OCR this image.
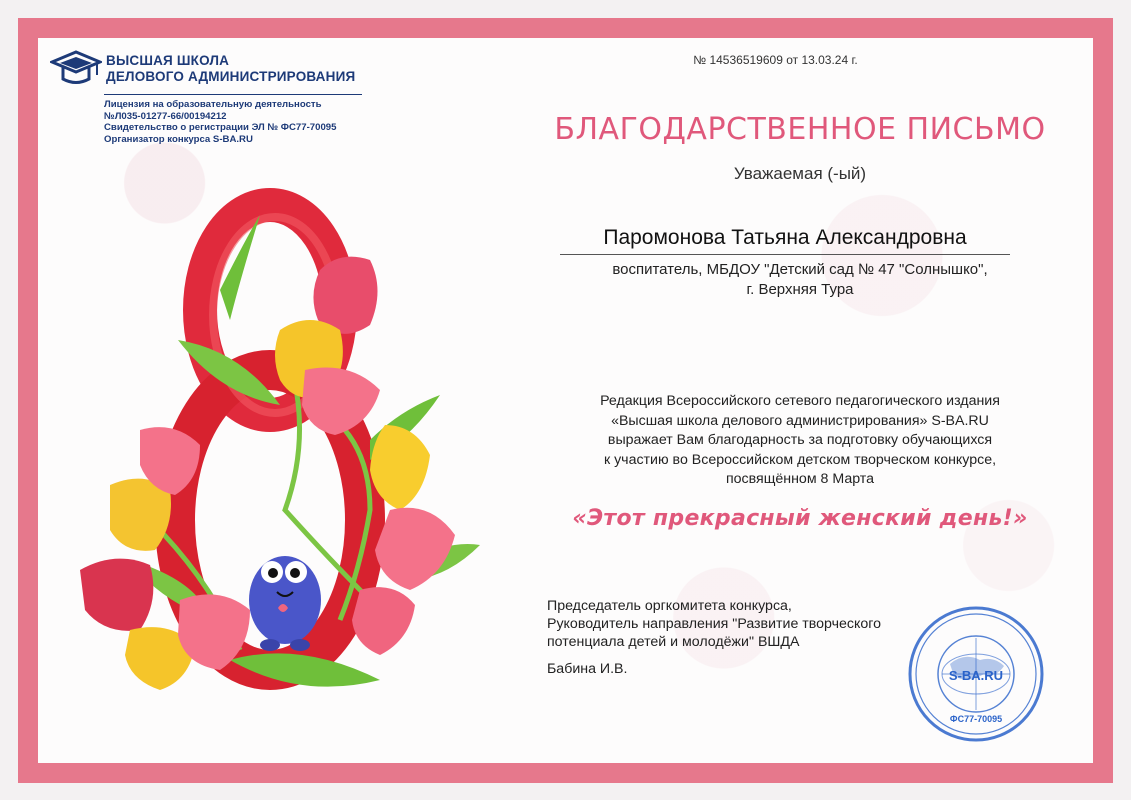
ВЫСШАЯ ШКОЛА
ДЕЛОВОГО АДМИНИСТРИРОВАНИЯ
Лицензия на образовательную деятельность
№Л035-01277-66/00194212
Свидетельство о регистрации ЭЛ № ФС77-70095
Организатор конкурса S-BA.RU
№ 14536519609 от 13.03.24 г.
БЛАГОДАРСТВЕННОЕ ПИСЬМО
Уважаемая (-ый)
Паромонова Татьяна Александровна
воспитатель, МБДОУ "Детский сад № 47 "Солнышко",
г. Верхняя Тура
Редакция Всероссийского сетевого педагогического издания
«Высшая школа делового администрирования» S-BA.RU
выражает Вам благодарность за подготовку обучающихся
к участию во Всероссийском детском творческом конкурсе,
посвящённом 8 Марта
«Этот прекрасный женский день!»
Председатель оргкомитета конкурса,
Руководитель направления "Развитие творческого
потенциала детей и молодёжи" ВШДА
Бабина И.В.	S-BA.RU
ФС77-70095
